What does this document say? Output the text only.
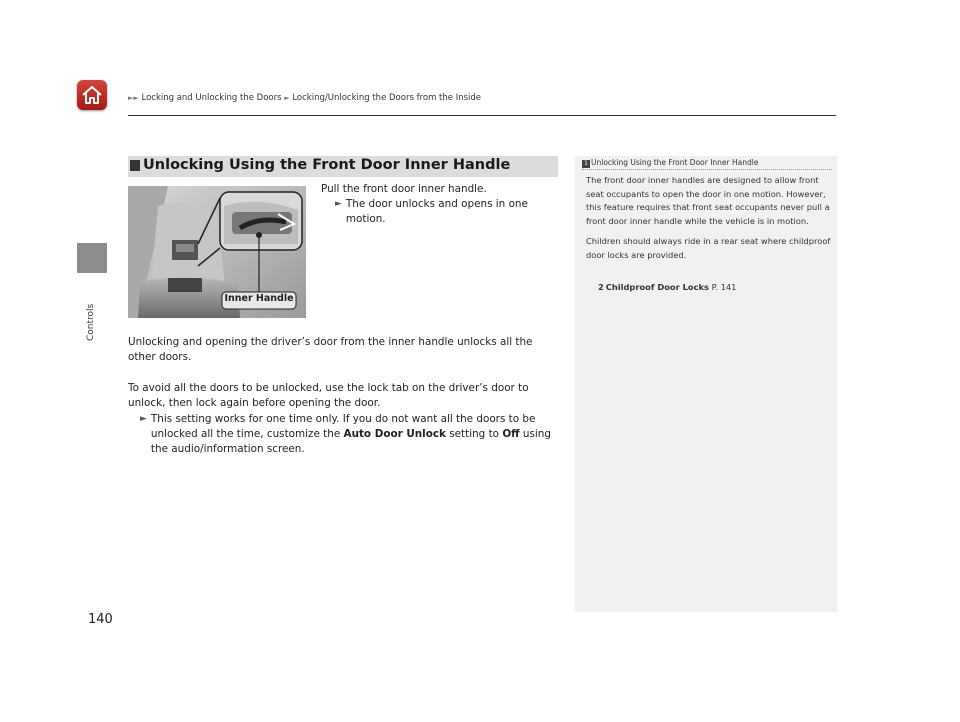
►► Locking and Unlocking the Doors ► Locking/Unlocking the Doors from the Inside
Controls
140
Unlocking Using the Front Door Inner Handle
Inner Handle
Pull the front door inner handle.
► The door unlocks and opens in one motion.
Unlocking and opening the driver’s door from the inner handle unlocks all the other doors.
To avoid all the doors to be unlocked, use the lock tab on the driver’s door to unlock, then lock again before opening the door.
► This setting works for one time only. If you do not want all the doors to be unlocked all the time, customize the Auto Door Unlock setting to Off using the audio/information screen.
1 Unlocking Using the Front Door Inner Handle

The front door inner handles are designed to allow front seat occupants to open the door in one motion. However, this feature requires that front seat occupants never pull a front door inner handle while the vehicle is in motion.

Children should always ride in a rear seat where childproof door locks are provided.

2 Childproof Door Locks P. 141
